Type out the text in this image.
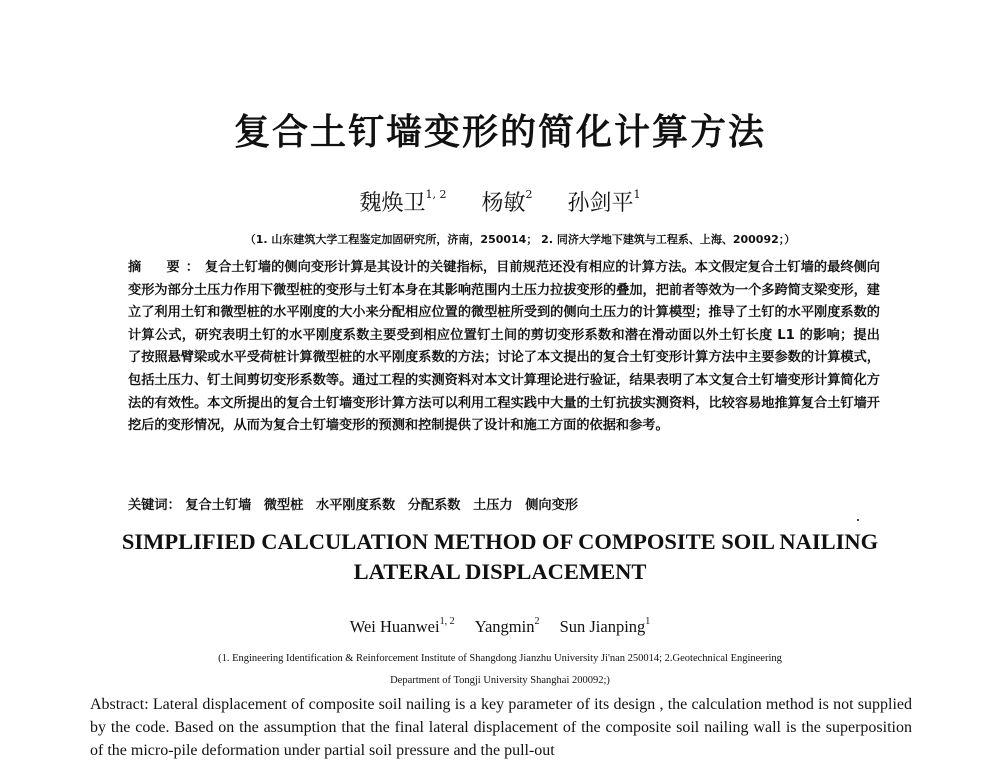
复合土钉墙变形的简化计算方法
魏焕卫$^{1, 2}$ 杨敏$^2$ 孙剑平$^1$
（1. 山东建筑大学工程鉴定加固研究所，济南，250014； 2. 同济大学地下建筑与工程系、上海、200092；）
摘　要：复合土钉墙的侧向变形计算是其设计的关键指标，目前规范还没有相应的计算方法。本文假定复合土钉墙的最终侧向变形为部分土压力作用下微型桩的变形与土钉本身在其影响范围内土压力拉拔变形的叠加，把前者等效为一个多跨简支梁变形，建立了利用土钉和微型桩的水平刚度的大小来分配相应位置的微型桩所受到的侧向土压力的计算模型；推导了土钉的水平刚度系数的计算公式，研究表明土钉的水平刚度系数主要受到相应位置钉土间的剪切变形系数和潜在滑动面以外土钉长度 L1 的影响；提出了按照悬臂梁或水平受荷桩计算微型桩的水平刚度系数的方法；讨论了本文提出的复合土钉变形计算方法中主要参数的计算模式，包括土压力、钉土间剪切变形系数等。通过工程的实测资料对本文计算理论进行验证，结果表明了本文复合土钉墙变形计算简化方法的有效性。本文所提出的复合土钉墙变形计算方法可以利用工程实践中大量的土钉抗拔实测资料，比较容易地推算复合土钉墙开挖后的变形情况，从而为复合土钉墙变形的预测和控制提供了设计和施工方面的依据和参考。
关键词： 复合土钉墙 微型桩 水平刚度系数 分配系数 土压力 侧向变形
SIMPLIFIED CALCULATION METHOD OF COMPOSITE SOIL NAILING
LATERAL DISPLACEMENT
Wei Huanwei$^{1, 2}$ Yangmin$^2$ Sun Jianping$^1$
(1. Engineering Identification & Reinforcement Institute of Shangdong Jianzhu University Ji'nan 250014; 2.Geotechnical Engineering
Department of Tongji University Shanghai 200092;)
Abstract: Lateral displacement of composite soil nailing is a key parameter of its design , the calculation method is not supplied by the code. Based on the assumption that the final lateral displacement of the composite soil nailing wall is the superposition of the micro-pile deformation under partial soil pressure and the pull-out
